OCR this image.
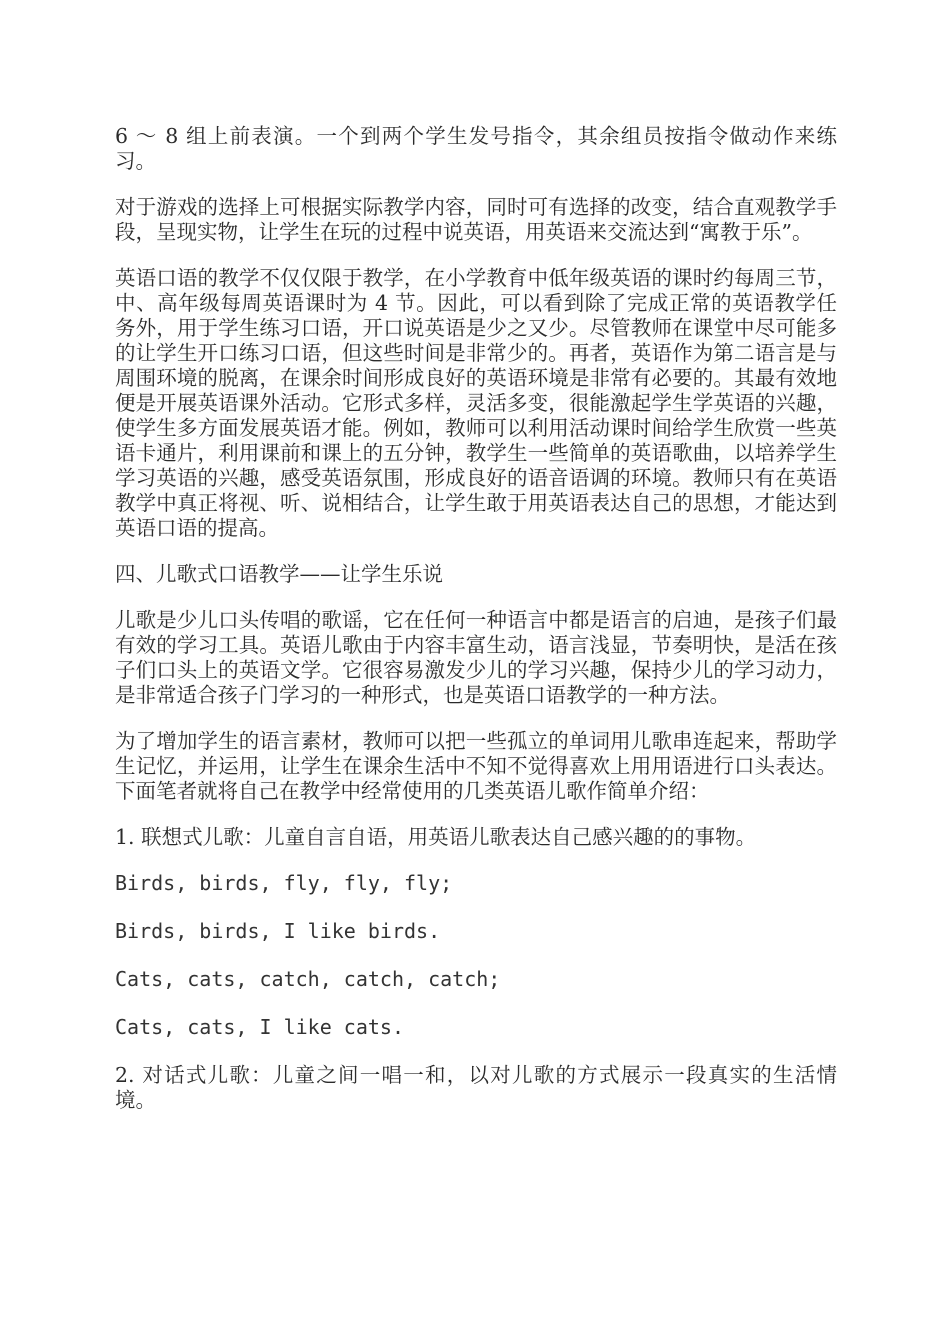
6 ～ 8 组上前表演。一个到两个学生发号指令，其余组员按指令做动作来练习。

对于游戏的选择上可根据实际教学内容，同时可有选择的改变，结合直观教学手段，呈现实物，让学生在玩的过程中说英语，用英语来交流达到“寓教于乐”。

英语口语的教学不仅仅限于教学，在小学教育中低年级英语的课时约每周三节，中、高年级每周英语课时为 4 节。因此，可以看到除了完成正常的英语教学任务外，用于学生练习口语，开口说英语是少之又少。尽管教师在课堂中尽可能多的让学生开口练习口语，但这些时间是非常少的。再者，英语作为第二语言是与周围环境的脱离，在课余时间形成良好的英语环境是非常有必要的。其最有效地便是开展英语课外活动。它形式多样，灵活多变，很能激起学生学英语的兴趣，使学生多方面发展英语才能。例如，教师可以利用活动课时间给学生欣赏一些英语卡通片，利用课前和课上的五分钟，教学生一些简单的英语歌曲，以培养学生学习英语的兴趣，感受英语氛围，形成良好的语音语调的环境。教师只有在英语教学中真正将视、听、说相结合，让学生敢于用英语表达自己的思想，才能达到英语口语的提高。

四、儿歌式口语教学——让学生乐说

儿歌是少儿口头传唱的歌谣，它在任何一种语言中都是语言的启迪，是孩子们最有效的学习工具。英语儿歌由于内容丰富生动，语言浅显，节奏明快，是活在孩子们口头上的英语文学。它很容易激发少儿的学习兴趣，保持少儿的学习动力，是非常适合孩子门学习的一种形式，也是英语口语教学的一种方法。

为了增加学生的语言素材，教师可以把一些孤立的单词用儿歌串连起来，帮助学生记忆，并运用，让学生在课余生活中不知不觉得喜欢上用用语进行口头表达。下面笔者就将自己在教学中经常使用的几类英语儿歌作简单介绍：

1. 联想式儿歌：儿童自言自语，用英语儿歌表达自己感兴趣的的事物。

Birds, birds, fly, fly, fly;

Birds, birds, I like birds.

Cats, cats, catch, catch, catch;

Cats, cats, I like cats.

2. 对话式儿歌：儿童之间一唱一和，以对儿歌的方式展示一段真实的生活情境。
